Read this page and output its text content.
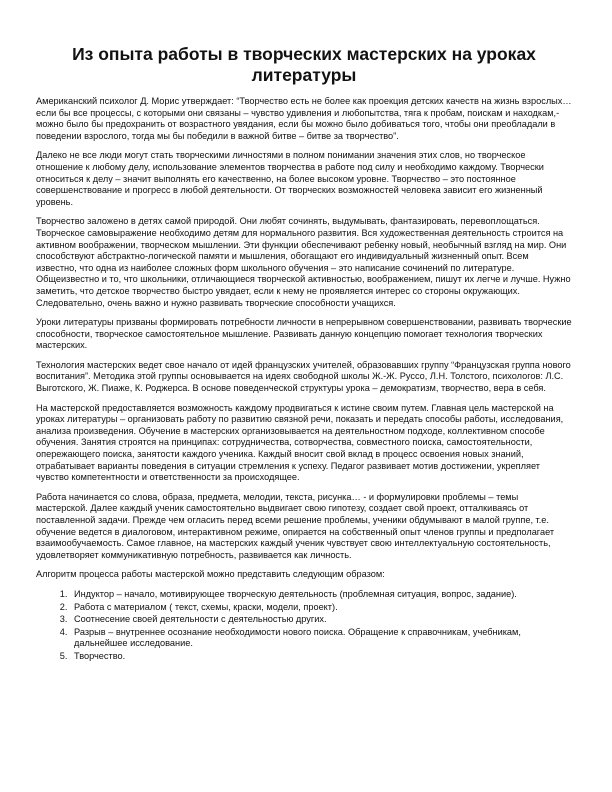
Из опыта работы в творческих мастерских на уроках литературы

Американский психолог Д. Морис утверждает: “Творчество есть не более как проекция детских качеств на жизнь взрослых… если бы все процессы, с которыми они связаны – чувство удивления и любопытства, тяга к пробам, поискам и находкам,- можно было бы предохранить от возрастного увядания, если бы можно было добиваться того, чтобы они преобладали в поведении взрослого, тогда мы бы победили в важной битве – битве за творчество”.

Далеко не все люди могут стать творческими личностями в полном понимании значения этих слов, но творческое отношение к любому делу, использование элементов творчества в работе под силу и необходимо каждому. Творчески относиться к делу – значит выполнять его качественно, на более высоком уровне. Творчество – это постоянное совершенствование и прогресс в любой деятельности. От творческих возможностей человека зависит его жизненный уровень.

Творчество заложено в детях самой природой. Они любят сочинять, выдумывать, фантазировать, перевоплощаться. Творческое самовыражение необходимо детям для нормального развития. Вся художественная деятельность строится на активном воображении, творческом мышлении. Эти функции обеспечивают ребенку новый, необычный взгляд на мир. Они способствуют абстрактно-логической памяти и мышления, обогащают его индивидуальный жизненный опыт. Всем известно, что одна из наиболее сложных форм школьного обучения – это написание сочинений по литературе. Общеизвестно и то, что школьники, отличающиеся творческой активностью, воображением, пишут их легче и лучше. Нужно заметить, что детское творчество быстро увядает, если к нему не проявляется интерес со стороны окружающих. Следовательно, очень важно и нужно развивать творческие способности учащихся.

Уроки литературы призваны формировать потребности личности в непрерывном совершенствовании, развивать творческие способности, творческое самостоятельное мышление. Развивать данную концепцию помогает технология творческих мастерских.

Технология мастерских ведет свое начало от идей французских учителей, образовавших группу “Французская группа нового воспитания”. Методика этой группы основывается на идеях свободной школы Ж.-Ж. Руссо, Л.Н. Толстого, психологов: Л.С. Выготского, Ж. Пиаже, К. Роджерса. В основе поведенческой структуры урока – демократизм, творчество, вера в себя.

На мастерской предоставляется возможность каждому продвигаться к истине своим путем. Главная цель мастерской на уроках литературы – организовать работу по развитию связной речи, показать и передать способы работы, исследования, анализа произведения. Обучение в мастерских организовывается на деятельностном подходе, коллективном способе обучения. Занятия строятся на принципах: сотрудничества, сотворчества, совместного поиска, самостоятельности, опережающего поиска, занятости каждого ученика. Каждый вносит свой вклад в процесс освоения новых знаний, отрабатывает варианты поведения в ситуации стремления к успеху. Педагог развивает мотив достижении, укрепляет чувство компетентности и ответственности за происходящее.

Работа начинается со слова, образа, предмета, мелодии, текста, рисунка… - и формулировки проблемы – темы мастерской. Далее каждый ученик самостоятельно выдвигает свою гипотезу, создает свой проект, отталкиваясь от поставленной задачи. Прежде чем огласить перед всеми решение проблемы, ученики обдумывают в малой группе, т.е. обучение ведется в диалоговом, интерактивном режиме, опирается на собственный опыт членов группы и предполагает взаимообучаемость. Самое главное, на мастерских каждый ученик чувствует свою интеллектуальную состоятельность, удовлетворяет коммуникативную потребность, развивается как личность.

Алгоритм процесса работы мастерской можно представить следующим образом:

1. Индуктор – начало, мотивирующее творческую деятельность (проблемная ситуация, вопрос, задание).
2. Работа с материалом ( текст, схемы, краски, модели, проект).
3. Соотнесение своей деятельности с деятельностью других.
4. Разрыв – внутреннее осознание необходимости нового поиска. Обращение к справочникам, учебникам, дальнейшее исследование.
5. Творчество.
